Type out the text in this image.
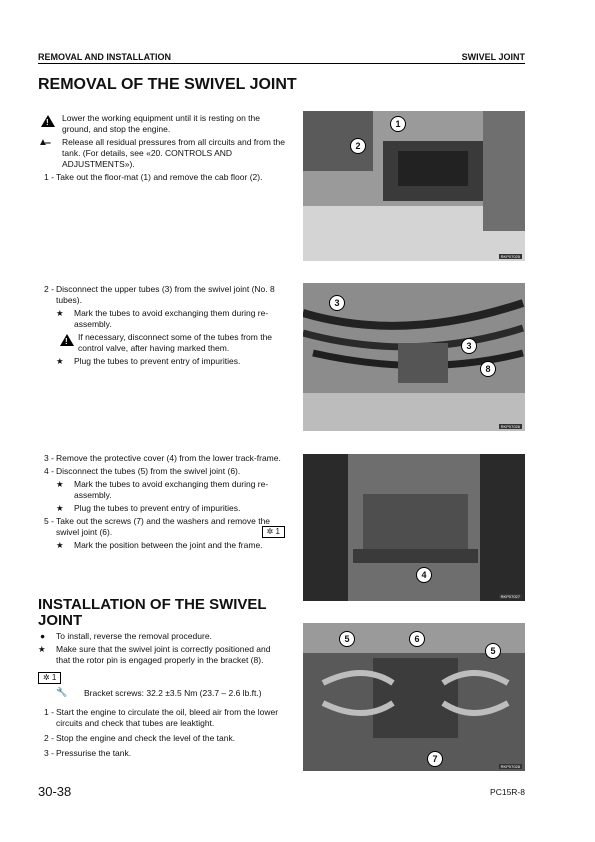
REMOVAL AND INSTALLATION	SWIVEL JOINT
REMOVAL OF THE SWIVEL JOINT
!
Lower the working equipment until it is resting on the ground, and stop the engine.
▲̶ Release all residual pressures from all circuits and from the tank. (For details, see «20. CONTROLS AND ADJUSTMENTS»).
1 - Take out the floor-mat (1) and remove the cab floor (2).
1
2
RKP07025
2 - Disconnect the upper tubes (3) from the swivel joint (No. 8 tubes).
★ Mark the tubes to avoid exchanging them during re-assembly.
!
If necessary, disconnect some of the tubes from the control valve, after having marked them.
★ Plug the tubes to prevent entry of impurities.
3
3
8
RKP07026
3 - Remove the protective cover (4) from the lower track-frame.
4 - Disconnect the tubes (5) from the swivel joint (6).
★ Mark the tubes to avoid exchanging them during re-assembly.
★ Plug the tubes to prevent entry of impurities.
5 - Take out the screws (7) and the washers and remove the swivel joint (6).	✲ 1
★ Mark the position between the joint and the frame.
4
RKP07027
INSTALLATION OF THE SWIVEL JOINT
● To install, reverse the removal procedure.
★ Make sure that the swivel joint is correctly positioned and that the rotor pin is engaged properly in the bracket (8).
✲ 1
🔧 Bracket screws: 32.2 ±3.5 Nm (23.7 – 2.6 lb.ft.)
1 - Start the engine to circulate the oil, bleed air from the lower circuits and check that tubes are leaktight.
2 - Stop the engine and check the level of the tank.
3 - Pressurise the tank.
5	6
5
7
RKP07028
30-38	PC15R-8
